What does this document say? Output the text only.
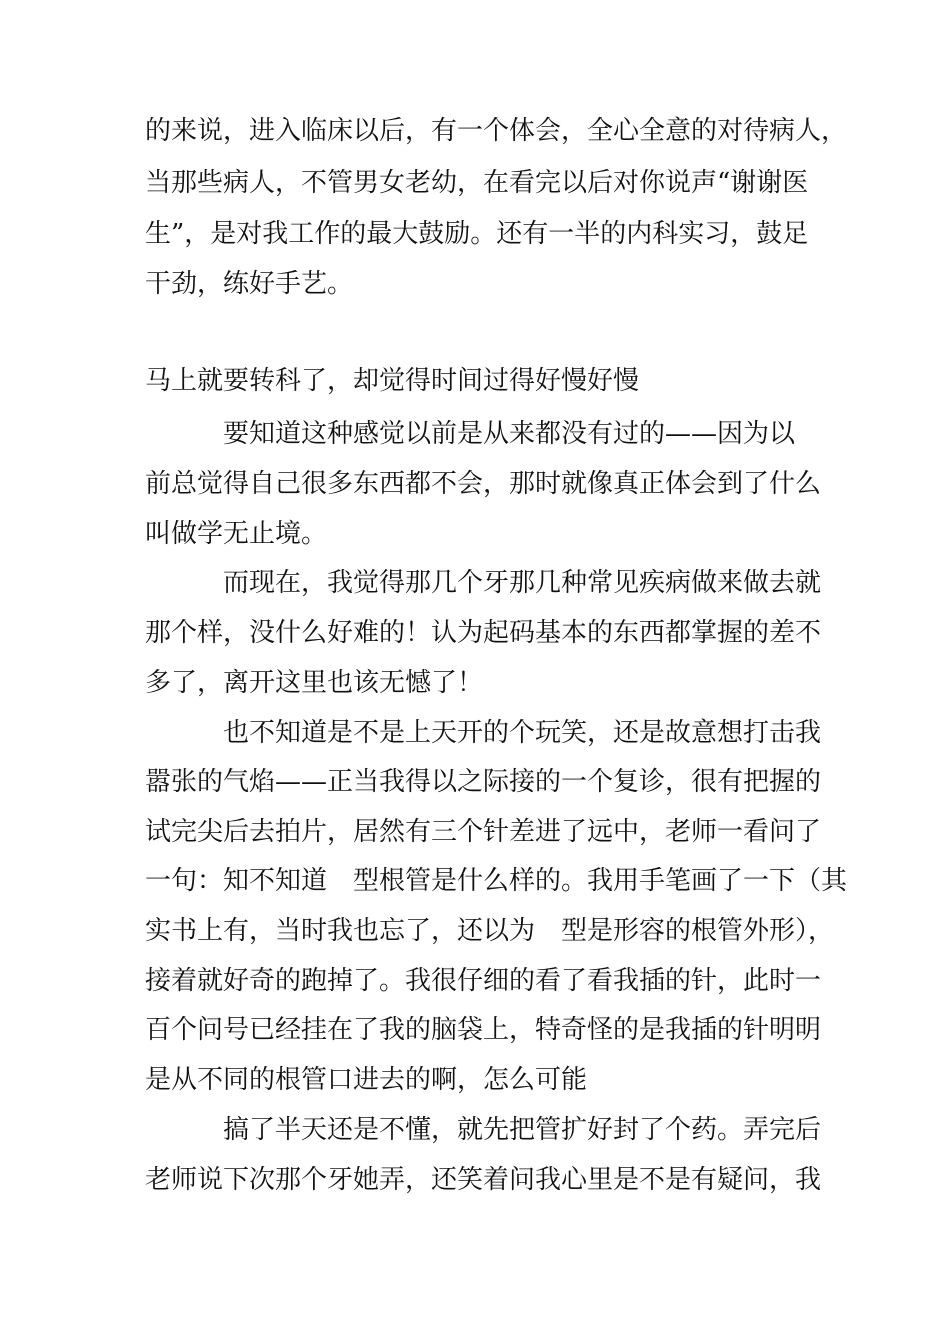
的来说，进入临床以后，有一个体会，全心全意的对待病人，
当那些病人，不管男女老幼，在看完以后对你说声“谢谢医
生”，是对我工作的最大鼓励。还有一半的内科实习，鼓足
干劲，练好手艺。
马上就要转科了，却觉得时间过得好慢好慢
要知道这种感觉以前是从来都没有过的——因为以
前总觉得自己很多东西都不会，那时就像真正体会到了什么
叫做学无止境。
而现在，我觉得那几个牙那几种常见疾病做来做去就
那个样，没什么好难的！认为起码基本的东西都掌握的差不
多了，离开这里也该无憾了！
也不知道是不是上天开的个玩笑，还是故意想打击我
嚣张的气焰——正当我得以之际接的一个复诊，很有把握的
试完尖后去拍片，居然有三个针差进了远中，老师一看问了
一句：知不知道　型根管是什么样的。我用手笔画了一下（其
实书上有，当时我也忘了，还以为　型是形容的根管外形），
接着就好奇的跑掉了。我很仔细的看了看我插的针，此时一
百个问号已经挂在了我的脑袋上，特奇怪的是我插的针明明
是从不同的根管口进去的啊，怎么可能
搞了半天还是不懂，就先把管扩好封了个药。弄完后
老师说下次那个牙她弄，还笑着问我心里是不是有疑问，我
